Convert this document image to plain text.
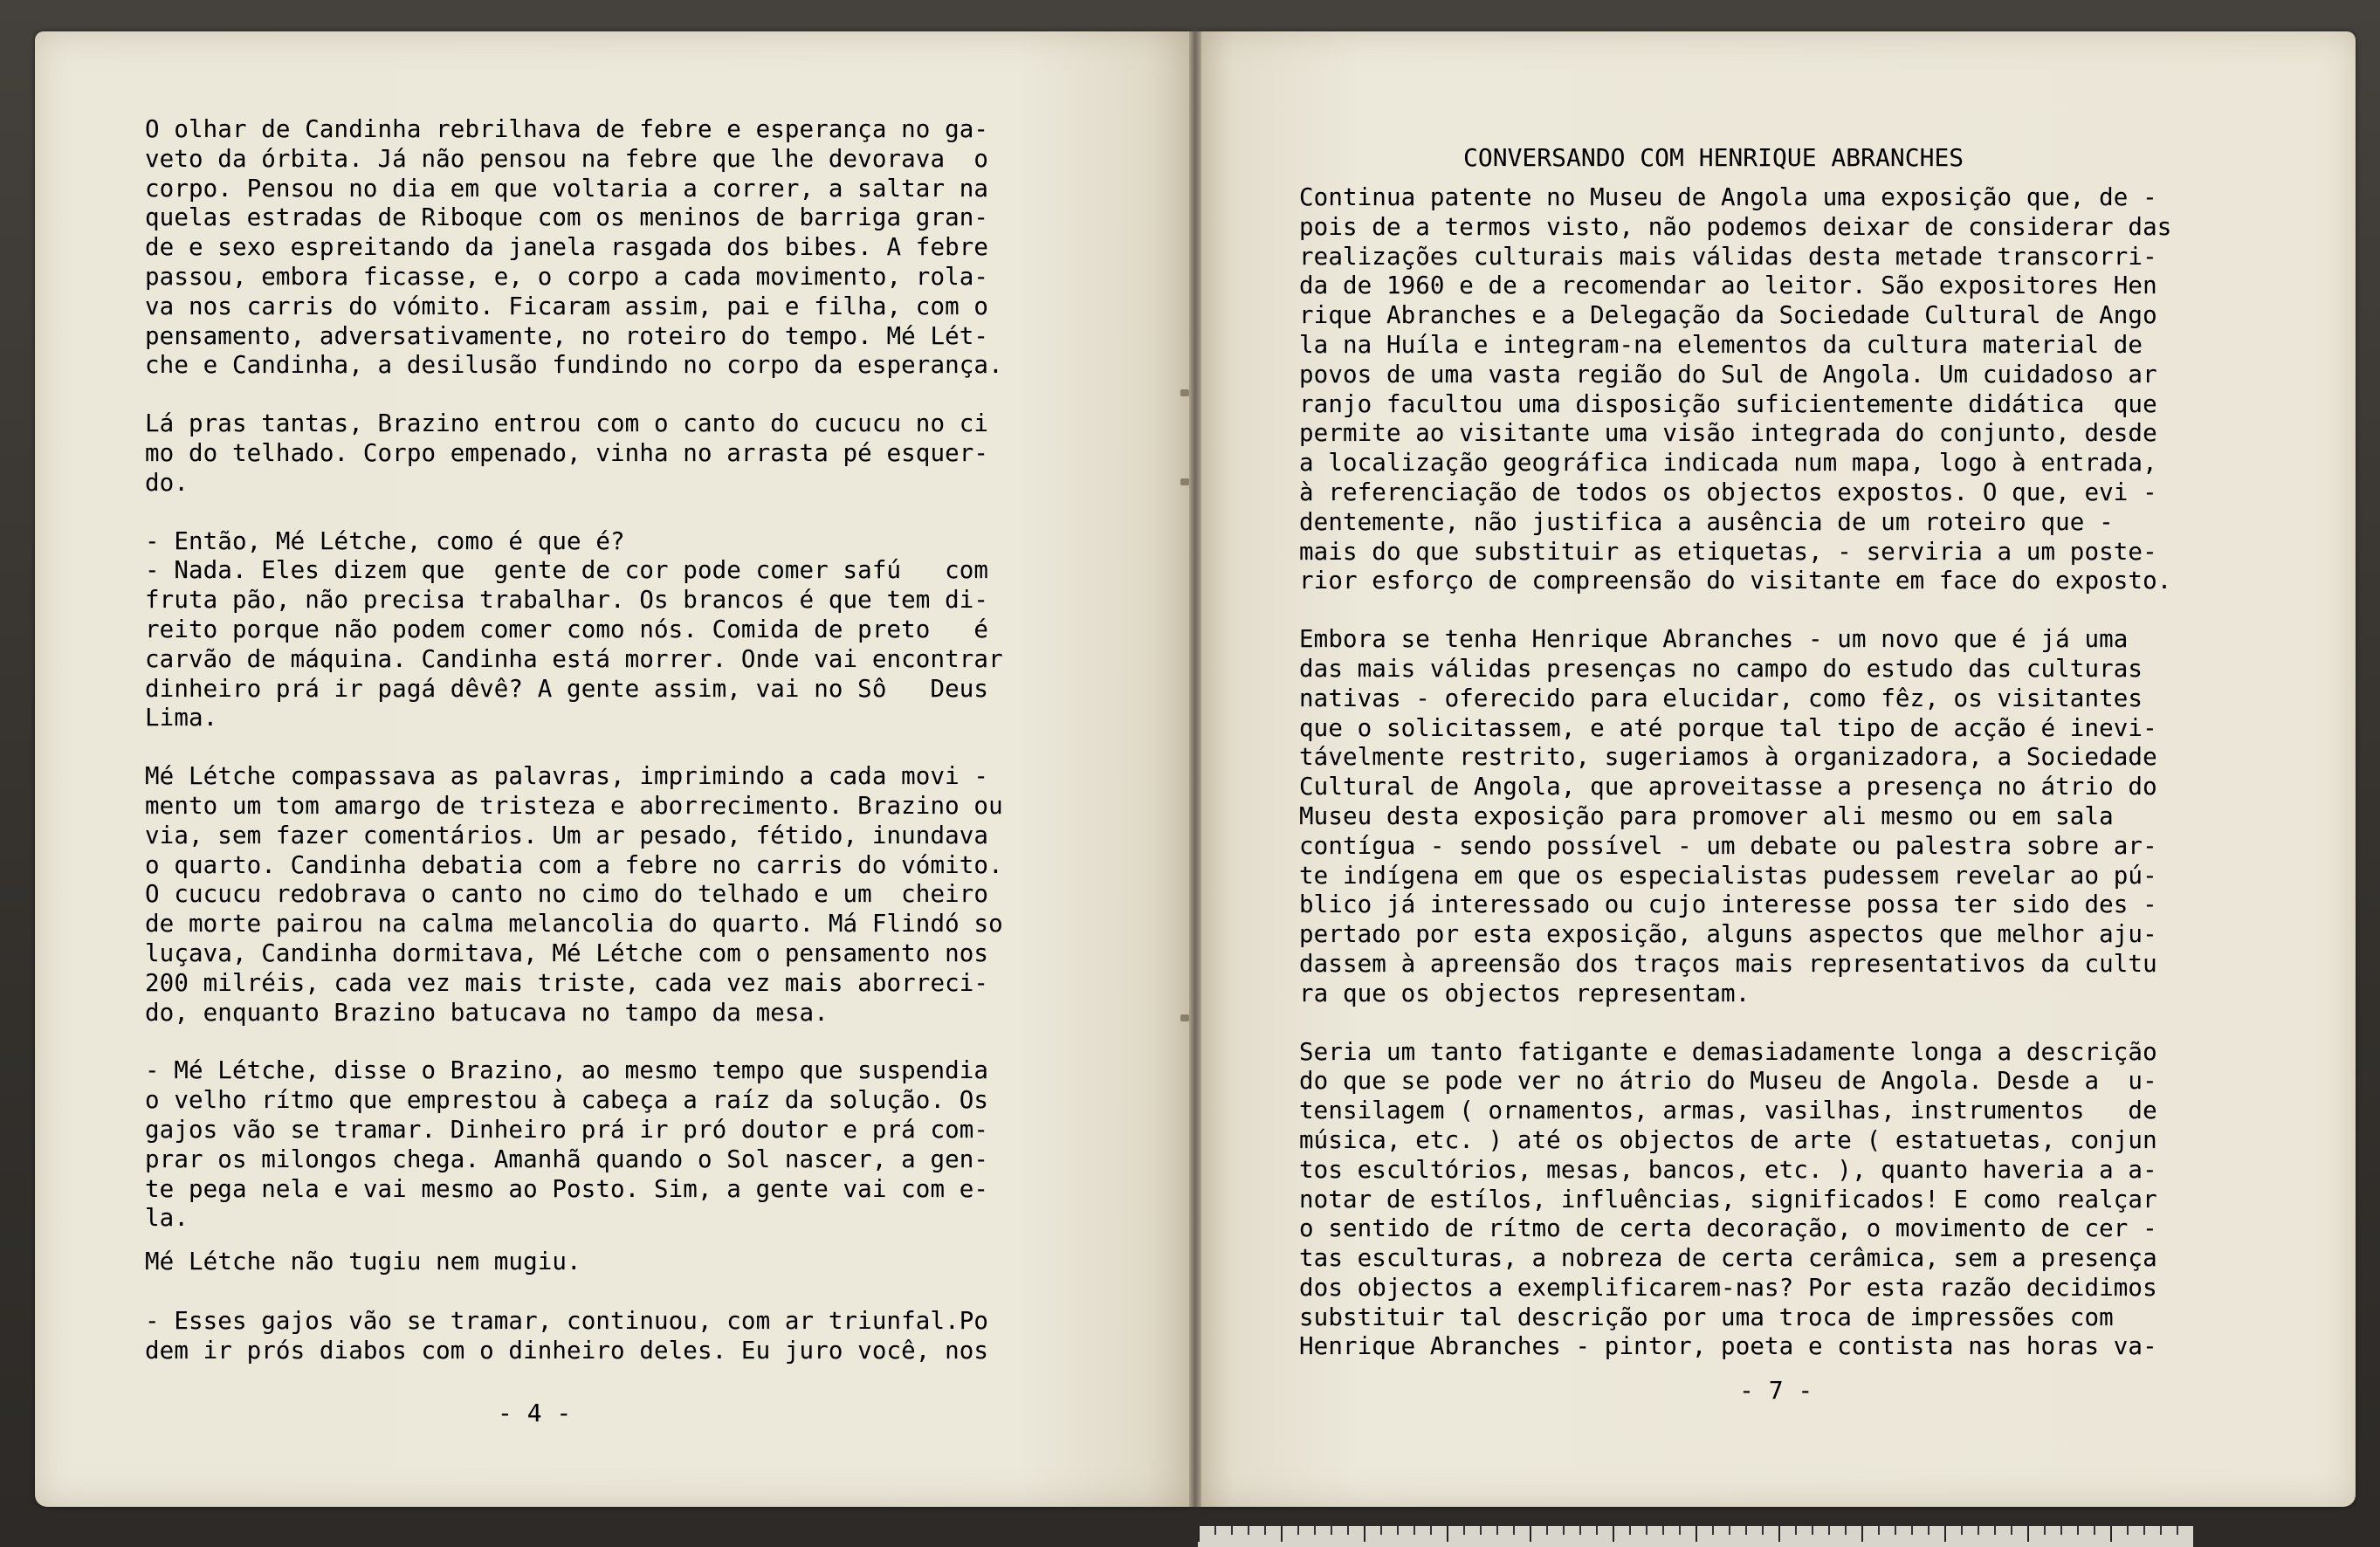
O olhar de Candinha rebrilhava de febre e esperança no ga-
veto da órbita. Já não pensou na febre que lhe devorava  o
corpo. Pensou no dia em que voltaria a correr, a saltar na
quelas estradas de Riboque com os meninos de barriga gran-
de e sexo espreitando da janela rasgada dos bibes. A febre
passou, embora ficasse, e, o corpo a cada movimento, rola-
va nos carris do vómito. Ficaram assim, pai e filha, com o
pensamento, adversativamente, no roteiro do tempo. Mé Lét-
che e Candinha, a desilusão fundindo no corpo da esperança.

Lá pras tantas, Brazino entrou com o canto do cucucu no ci
mo do telhado. Corpo empenado, vinha no arrasta pé esquer-
do.

- Então, Mé Létche, como é que é?
- Nada. Eles dizem que  gente de cor pode comer safú   com
fruta pão, não precisa trabalhar. Os brancos é que tem di-
reito porque não podem comer como nós. Comida de preto   é
carvão de máquina. Candinha está morrer. Onde vai encontrar
dinheiro prá ir pagá dêvê? A gente assim, vai no Sô   Deus
Lima.

Mé Létche compassava as palavras, imprimindo a cada movi -
mento um tom amargo de tristeza e aborrecimento. Brazino ou
via, sem fazer comentários. Um ar pesado, fétido, inundava
o quarto. Candinha debatia com a febre no carris do vómito.
O cucucu redobrava o canto no cimo do telhado e um  cheiro
de morte pairou na calma melancolia do quarto. Má Flindó so
luçava, Candinha dormitava, Mé Létche com o pensamento nos
200 milréis, cada vez mais triste, cada vez mais aborreci-
do, enquanto Brazino batucava no tampo da mesa.

- Mé Létche, disse o Brazino, ao mesmo tempo que suspendia
o velho rítmo que emprestou à cabeça a raíz da solução. Os
gajos vão se tramar. Dinheiro prá ir pró doutor e prá com-
prar os milongos chega. Amanhã quando o Sol nascer, a gen-
te pega nela e vai mesmo ao Posto. Sim, a gente vai com e-
la.

Mé Létche não tugiu nem mugiu.

- Esses gajos vão se tramar, continuou, com ar triunfal.Po
dem ir prós diabos com o dinheiro deles. Eu juro você, nos

- 4 -
CONVERSANDO COM HENRIQUE ABRANCHES

Continua patente no Museu de Angola uma exposição que, de -
pois de a termos visto, não podemos deixar de considerar das
realizações culturais mais válidas desta metade transcorri-
da de 1960 e de a recomendar ao leitor. São expositores Hen
rique Abranches e a Delegação da Sociedade Cultural de Ango
la na Huíla e integram-na elementos da cultura material de
povos de uma vasta região do Sul de Angola. Um cuidadoso ar
ranjo facultou uma disposição suficientemente didática  que
permite ao visitante uma visão integrada do conjunto, desde
a localização geográfica indicada num mapa, logo à entrada,
à referenciação de todos os objectos expostos. O que, evi -
dentemente, não justifica a ausência de um roteiro que -
mais do que substituir as etiquetas, - serviria a um poste-
rior esforço de compreensão do visitante em face do exposto.

Embora se tenha Henrique Abranches - um novo que é já uma
das mais válidas presenças no campo do estudo das culturas
nativas - oferecido para elucidar, como fêz, os visitantes
que o solicitassem, e até porque tal tipo de acção é inevi-
távelmente restrito, sugeriamos à organizadora, a Sociedade
Cultural de Angola, que aproveitasse a presença no átrio do
Museu desta exposição para promover ali mesmo ou em sala
contígua - sendo possível - um debate ou palestra sobre ar-
te indígena em que os especialistas pudessem revelar ao pú-
blico já interessado ou cujo interesse possa ter sido des -
pertado por esta exposição, alguns aspectos que melhor aju-
dassem à apreensão dos traços mais representativos da cultu
ra que os objectos representam.

Seria um tanto fatigante e demasiadamente longa a descrição
do que se pode ver no átrio do Museu de Angola. Desde a  u-
tensilagem ( ornamentos, armas, vasilhas, instrumentos   de
música, etc. ) até os objectos de arte ( estatuetas, conjun
tos escultórios, mesas, bancos, etc. ), quanto haveria a a-
notar de estílos, influências, significados! E como realçar
o sentido de rítmo de certa decoração, o movimento de cer -
tas esculturas, a nobreza de certa cerâmica, sem a presença
dos objectos a exemplificarem-nas? Por esta razão decidimos
substituir tal descrição por uma troca de impressões com
Henrique Abranches - pintor, poeta e contista nas horas va-

- 7 -
